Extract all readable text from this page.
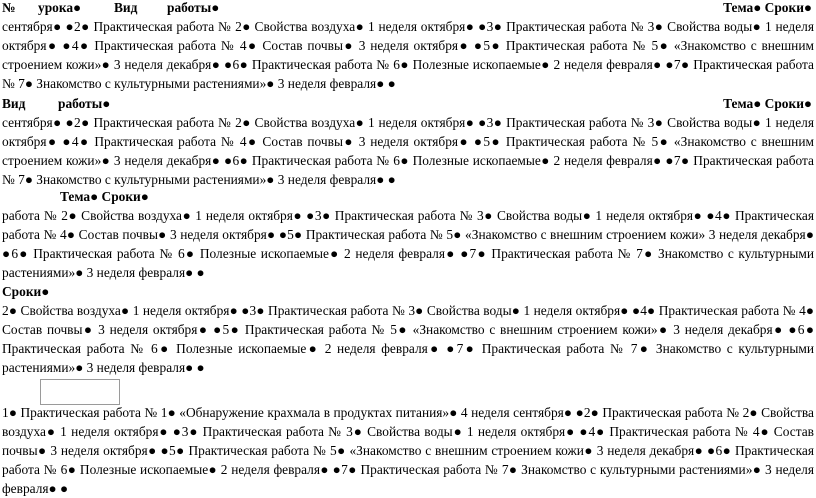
№ урока● Вид работы●	Тема● Сроки●
сентября● ●2● Практическая работа № 2● Свойства воздуха● 1 неделя октября● ●3● Практическая работа № 3● Свойства воды● 1 неделя октября● ●4● Практическая работа № 4● Состав почвы● 3 неделя октября● ●5● Практическая работа № 5● «Знакомство с внешним строением кожи»● 3 неделя декабря● ●6● Практическая работа № 6● Полезные ископаемые● 2 неделя февраля● ●7● Практическая работа № 7● Знакомство с культурными растениями»● 3 неделя февраля● ●
Вид работы●	Тема● Сроки●
сентября● ●2● Практическая работа № 2● Свойства воздуха● 1 неделя октября● ●3● Практическая работа № 3● Свойства воды● 1 неделя октября● ●4● Практическая работа № 4● Состав почвы● 3 неделя октября● ●5● Практическая работа № 5● «Знакомство с внешним строением кожи»● 3 неделя декабря● ●6● Практическая работа № 6● Полезные ископаемые● 2 неделя февраля● ●7● Практическая работа № 7● Знакомство с культурными растениями»● 3 неделя февраля● ●
Тема● Сроки●
работа № 2● Свойства воздуха● 1 неделя октября● ●3● Практическая работа № 3● Свойства воды● 1 неделя октября● ●4● Практическая работа № 4● Состав почвы● 3 неделя октября● ●5● Практическая работа № 5● «Знакомство с внешним строением кожи» 3 неделя декабря● ●6● Практическая работа № 6● Полезные ископаемые● 2 неделя февраля● ●7● Практическая работа № 7● Знакомство с культурными растениями»● 3 неделя февраля● ●
Сроки●
2● Свойства воздуха● 1 неделя октября● ●3● Практическая работа № 3● Свойства воды● 1 неделя октября● ●4● Практическая работа № 4● Состав почвы● 3 неделя октября● ●5● Практическая работа № 5● «Знакомство с внешним строением кожи»● 3 неделя декабря● ●6● Практическая работа № 6● Полезные ископаемые● 2 неделя февраля● ●7● Практическая работа № 7● Знакомство с культурными растениями»● 3 неделя февраля● ●
1● Практическая работа № 1● «Обнаружение крахмала в продуктах питания»● 4 неделя сентября● ●2● Практическая работа № 2● Свойства воздуха● 1 неделя октября● ●3● Практическая работа № 3● Свойства воды● 1 неделя октября● ●4● Практическая работа № 4● Состав почвы● 3 неделя октября● ●5● Практическая работа № 5● «Знакомство с внешним строением кожи● 3 неделя декабря● ●6● Практическая работа № 6● Полезные ископаемые● 2 неделя февраля● ●7● Практическая работа № 7● Знакомство с культурными растениями»● 3 неделя февраля● ●
